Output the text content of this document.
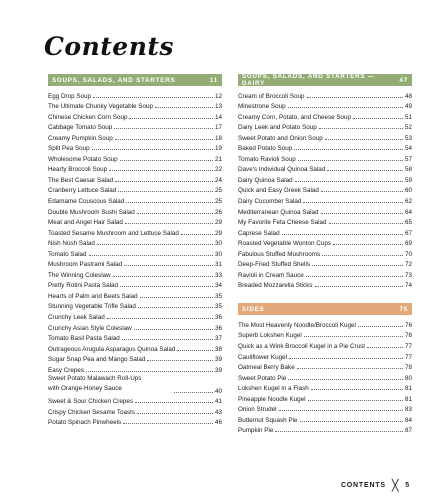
Contents
SOUPS, SALADS, AND STARTERS	11
Egg Drop Soup	12
The Ultimate Chunky Vegetable Soup	13
Chinese Chicken Corn Soup	14
Cabbage Tomato Soup	17
Creamy Pumpkin Soup	18
Split Pea Soup	19
Wholesome Potato Soup	21
Hearty Broccoli Soup	22
The Best Caesar Salad	24
Cranberry Lettuce Salad	25
Edamame Couscous Salad	25
Double Mushroom Sushi Salad	26
Meat and Angel Hair Salad	29
Toasted Sesame Mushroom and Lettuce Salad	29
Nish Nosh Salad	30
Tomato Salad	30
Mushroom Pastrami Salad	31
The Winning Coleslaw	33
Pretty Rotini Pasta Salad	34
Hearts of Palm and Beets Salad	35
Stunning Vegetable Trifle Salad	35
Crunchy Leek Salad	36
Crunchy Asian Style Coleslaw	36
Tomato Basil Pasta Salad	37
Outrageous Arugula Asparagus Quinoa Salad	38
Sugar Snap Pea and Mango Salad	39
Easy Crepes	39
Sweet Potato Malawach Roll-Ups
with Orange-Honey Sauce	40
Sweet & Sour Chicken Crepes	41
Crispy Chicken Sesame Toasts	43
Potato Spinach Pinwheels	46
SOUPS, SALADS, AND STARTERS — DAIRY	47
Cream of Broccoli Soup	48
Minestrone Soup	49
Creamy Corn, Potato, and Cheese Soup	51
Dairy Leek and Potato Soup	52
Sweet Potato and Onion Soup	53
Baked Potato Soup	54
Tomato Ravioli Soup	57
Dave's Individual Quinoa Salad	58
Dairy Quinoa Salad	59
Quick and Easy Greek Salad	60
Dairy Cucumber Salad	62
Mediterranean Quinoa Salad	64
My Favorite Feta Cheese Salad	65
Caprese Salad	67
Roasted Vegetable Wonton Cups	69
Fabulous Stuffed Mushrooms	70
Deep-Fried Stuffed Shells	72
Ravioli in Cream Sauce	73
Breaded Mozzarella Sticks	74
SIDES	75
The Most Heavenly Noodle/Broccoli Kugel	76
Superb Lokshen Kugel	76
Quick as a Wink Broccoli Kugel in a Pie Crust	77
Cauliflower Kugel	77
Oatmeal Berry Bake	78
Sweet Potato Pie	80
Lokshen Kugel in a Flash	81
Pineapple Noodle Kugel	81
Onion Strudel	83
Butternut Squash Pie	84
Pumpkin Pie	87
CONTENTS ╳ 5
